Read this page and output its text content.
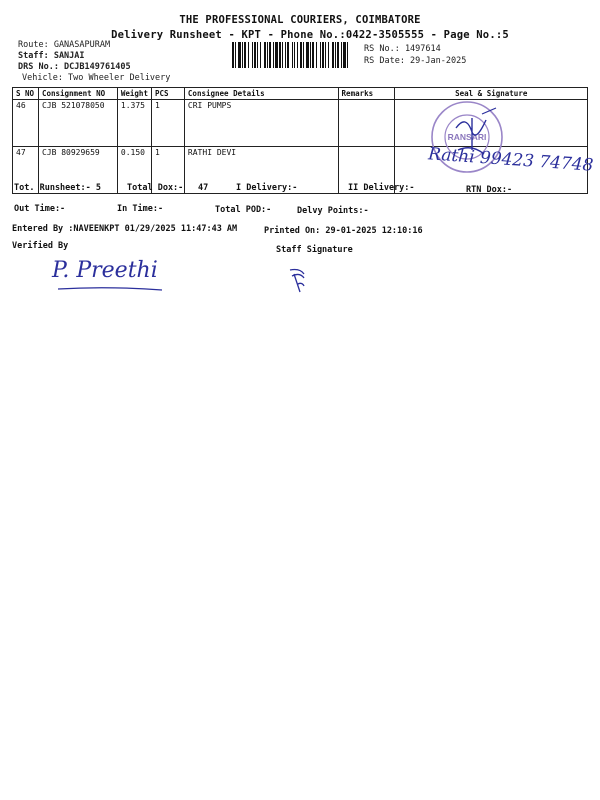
THE PROFESSIONAL COURIERS, COIMBATORE
Delivery Runsheet - KPT - Phone No.:0422-3505555 - Page No.:5
Route: GANASAPURAM
Staff: SANJAI
DRS No.: DCJB149761405
Vehicle: Two Wheeler Delivery
RS No.: 1497614
RS Date: 29-Jan-2025
S NO	Consignment NO	Weight	PCS	Consignee Details	Remarks	Seal & Signature
46	CJB 521078050	1.375	1	CRI PUMPS		
47	CJB 80929659	0.150	1	RATHI DEVI		
RANSARI
Rathi 99423 74748
Tot. Runsheet:- 5	Total Dox:- 47	I Delivery:-	II Delivery:-	RTN Dox:-
Out Time:-	In Time:-	Total POD:-	Delvy Points:-
Entered By :NAVEENKPT 01/29/2025 11:47:43 AM	Printed On: 29-01-2025 12:10:16
Verified By	Staff Signature
P. Preethi
